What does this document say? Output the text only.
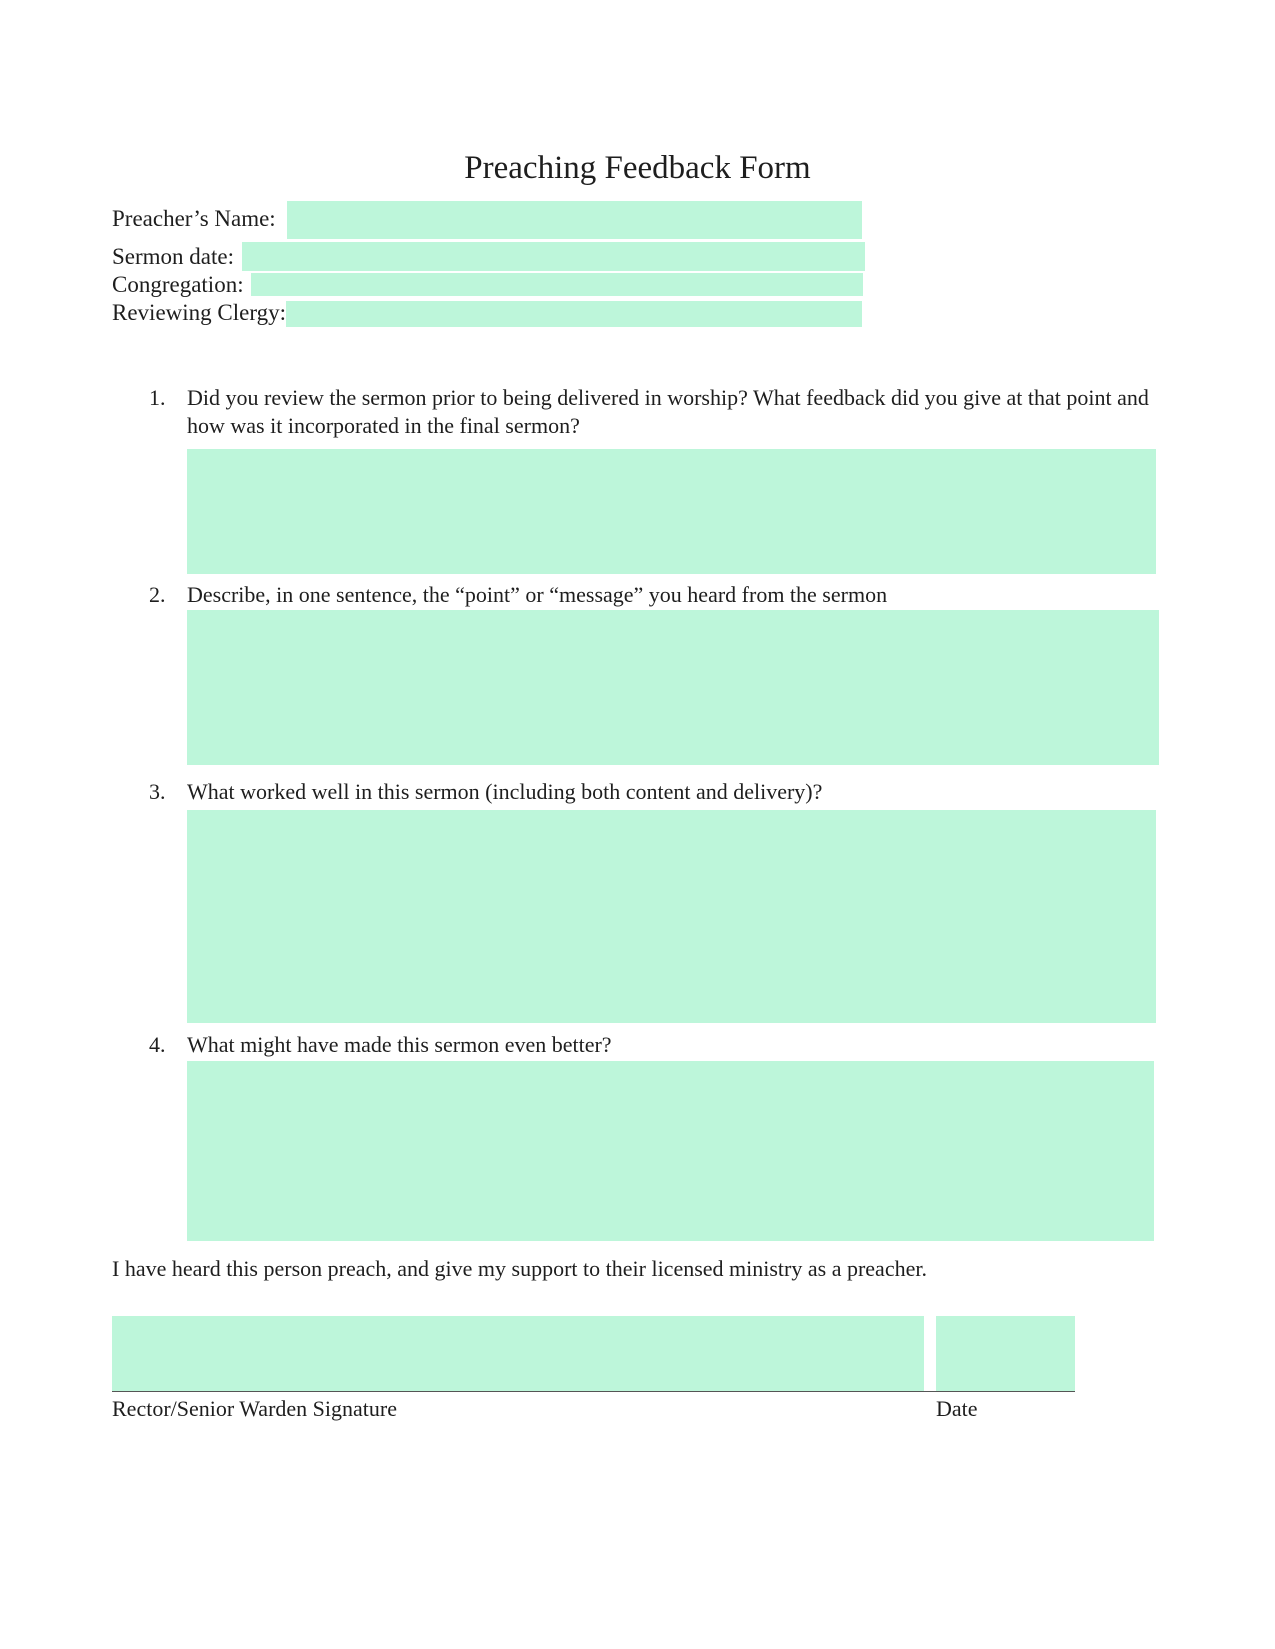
Preaching Feedback Form
Preacher’s Name:
Sermon date:
Congregation:
Reviewing Clergy:
1. Did you review the sermon prior to being delivered in worship? What feedback did you give at that point and how was it incorporated in the final sermon?
2. Describe, in one sentence, the “point” or “message” you heard from the sermon
3. What worked well in this sermon (including both content and delivery)?
4. What might have made this sermon even better?
I have heard this person preach, and give my support to their licensed ministry as a preacher.
Rector/Senior Warden Signature	Date
